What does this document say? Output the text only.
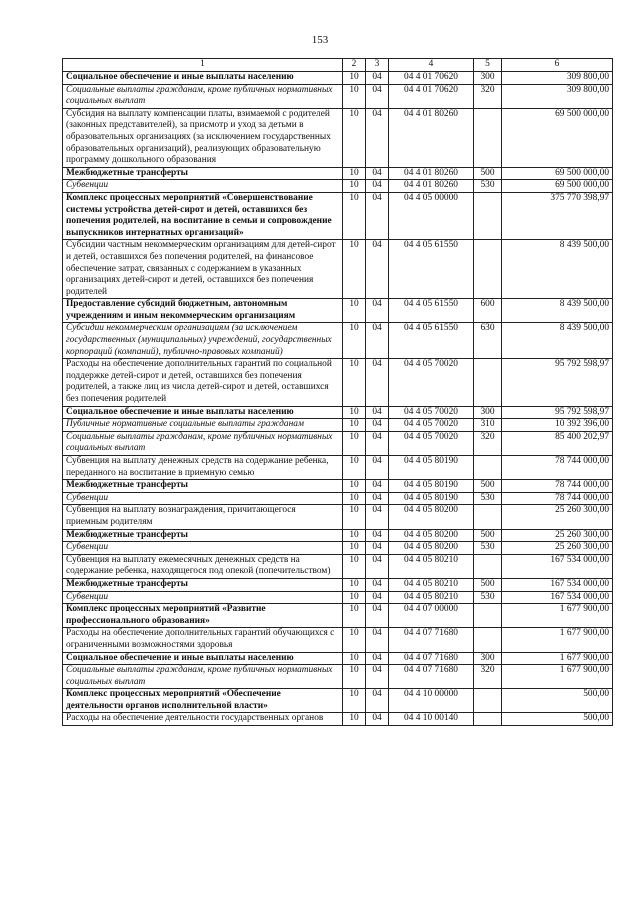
153
1	2	3	4	5	6
Социальное обеспечение и иные выплаты населению	10	04	04 4 01 70620	300	309 800,00
Социальные выплаты гражданам, кроме публичных нормативных социальных выплат	10	04	04 4 01 70620	320	309 800,00
Субсидия на выплату компенсации платы, взимаемой с родителей (законных представителей), за присмотр и уход за детьми в образовательных организациях (за исключением государственных образовательных организаций), реализующих образовательную программу дошкольного образования	10	04	04 4 01 80260		69 500 000,00
Межбюджетные трансферты	10	04	04 4 01 80260	500	69 500 000,00
Субвенции	10	04	04 4 01 80260	530	69 500 000,00
Комплекс процессных мероприятий «Совершенствование системы устройства детей-сирот и детей, оставшихся без попечения родителей, на воспитание в семьи и сопровождение выпускников интернатных организаций»	10	04	04 4 05 00000		375 770 398,97
Субсидии частным некоммерческим организациям для детей-сирот и детей, оставшихся без попечения родителей, на финансовое обеспечение затрат, связанных с содержанием в указанных организациях детей-сирот и детей, оставшихся без попечения родителей	10	04	04 4 05 61550		8 439 500,00
Предоставление субсидий бюджетным, автономным учреждениям и иным некоммерческим организациям	10	04	04 4 05 61550	600	8 439 500,00
Субсидии некоммерческим организациям (за исключением государственных (муниципальных) учреждений, государственных корпораций (компаний), публично-правовых компаний)	10	04	04 4 05 61550	630	8 439 500,00
Расходы на обеспечение дополнительных гарантий по социальной поддержке детей-сирот и детей, оставшихся без попечения родителей, а также лиц из числа детей-сирот и детей, оставшихся без попечения родителей	10	04	04 4 05 70020		95 792 598,97
Социальное обеспечение и иные выплаты населению	10	04	04 4 05 70020	300	95 792 598,97
Публичные нормативные социальные выплаты гражданам	10	04	04 4 05 70020	310	10 392 396,00
Социальные выплаты гражданам, кроме публичных нормативных социальных выплат	10	04	04 4 05 70020	320	85 400 202,97
Субвенция на выплату денежных средств на содержание ребенка, переданного на воспитание в приемную семью	10	04	04 4 05 80190		78 744 000,00
Межбюджетные трансферты	10	04	04 4 05 80190	500	78 744 000,00
Субвенции	10	04	04 4 05 80190	530	78 744 000,00
Субвенция на выплату вознаграждения, причитающегося приемным родителям	10	04	04 4 05 80200		25 260 300,00
Межбюджетные трансферты	10	04	04 4 05 80200	500	25 260 300,00
Субвенции	10	04	04 4 05 80200	530	25 260 300,00
Субвенция на выплату ежемесячных денежных средств на содержание ребенка, находящегося под опекой (попечительством)	10	04	04 4 05 80210		167 534 000,00
Межбюджетные трансферты	10	04	04 4 05 80210	500	167 534 000,00
Субвенции	10	04	04 4 05 80210	530	167 534 000,00
Комплекс процессных мероприятий «Развитие профессионального образования»	10	04	04 4 07 00000		1 677 900,00
Расходы на обеспечение дополнительных гарантий обучающихся с ограниченными возможностями здоровья	10	04	04 4 07 71680		1 677 900,00
Социальное обеспечение и иные выплаты населению	10	04	04 4 07 71680	300	1 677 900,00
Социальные выплаты гражданам, кроме публичных нормативных социальных выплат	10	04	04 4 07 71680	320	1 677 900,00
Комплекс процессных мероприятий «Обеспечение деятельности органов исполнительной власти»	10	04	04 4 10 00000		500,00
Расходы на обеспечение деятельности государственных органов	10	04	04 4 10 00140		500,00
